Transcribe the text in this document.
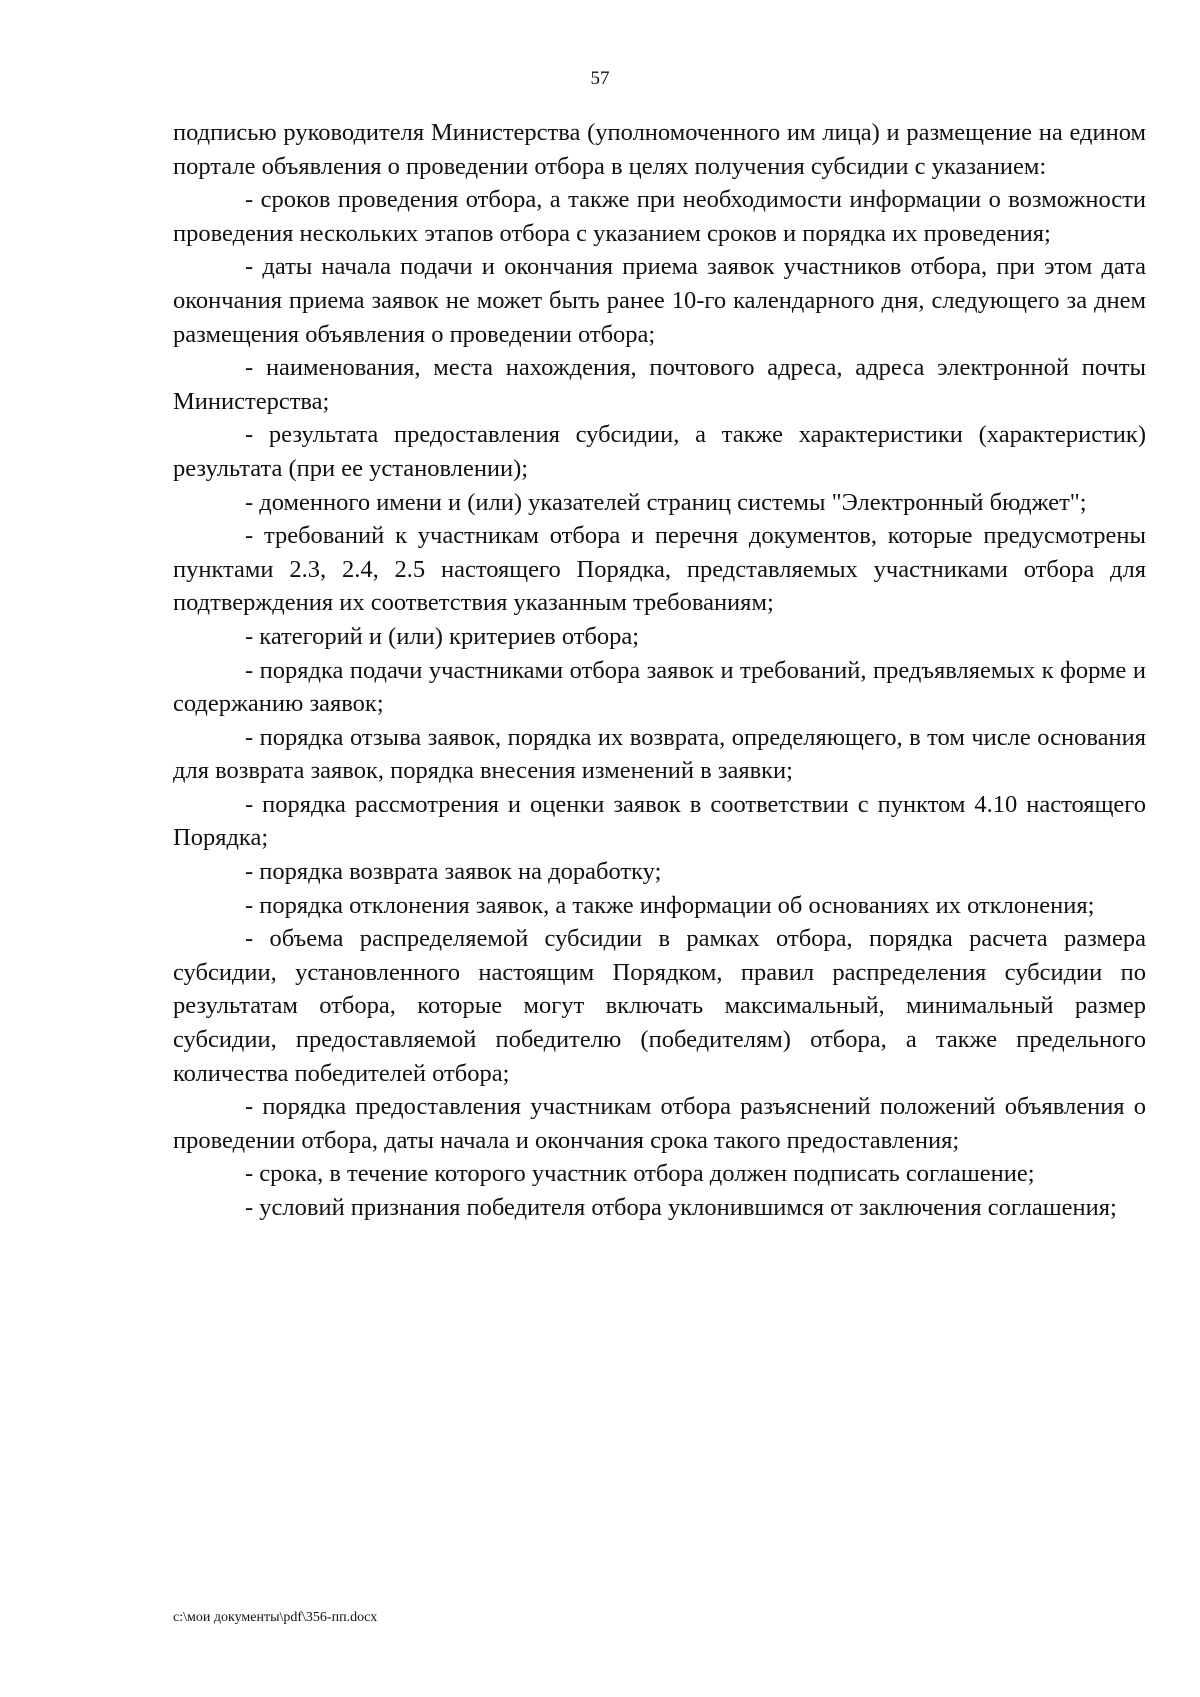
57

подписью руководителя Министерства (уполномоченного им лица) и размещение на едином портале объявления о проведении отбора в целях получения субсидии с указанием:

- сроков проведения отбора, а также при необходимости информации о возможности проведения нескольких этапов отбора с указанием сроков и порядка их проведения;

- даты начала подачи и окончания приема заявок участников отбора, при этом дата окончания приема заявок не может быть ранее 10-го календарного дня, следующего за днем размещения объявления о проведении отбора;

- наименования, места нахождения, почтового адреса, адреса электронной почты Министерства;

- результата предоставления субсидии, а также характеристики (характеристик) результата (при ее установлении);

- доменного имени и (или) указателей страниц системы "Электронный бюджет";

- требований к участникам отбора и перечня документов, которые предусмотрены пунктами 2.3, 2.4, 2.5 настоящего Порядка, представляемых участниками отбора для подтверждения их соответствия указанным требованиям;

- категорий и (или) критериев отбора;

- порядка подачи участниками отбора заявок и требований, предъявляемых к форме и содержанию заявок;

- порядка отзыва заявок, порядка их возврата, определяющего, в том числе основания для возврата заявок, порядка внесения изменений в заявки;

- порядка рассмотрения и оценки заявок в соответствии с пунктом 4.10 настоящего Порядка;

- порядка возврата заявок на доработку;

- порядка отклонения заявок, а также информации об основаниях их отклонения;

- объема распределяемой субсидии в рамках отбора, порядка расчета размера субсидии, установленного настоящим Порядком, правил распределения субсидии по результатам отбора, которые могут включать максимальный, минимальный размер субсидии, предоставляемой победителю (победителям) отбора, а также предельного количества победителей отбора;

- порядка предоставления участникам отбора разъяснений положений объявления о проведении отбора, даты начала и окончания срока такого предоставления;

- срока, в течение которого участник отбора должен подписать соглашение;

- условий признания победителя отбора уклонившимся от заключения соглашения;

c:\мои документы\pdf\356-пп.docx
